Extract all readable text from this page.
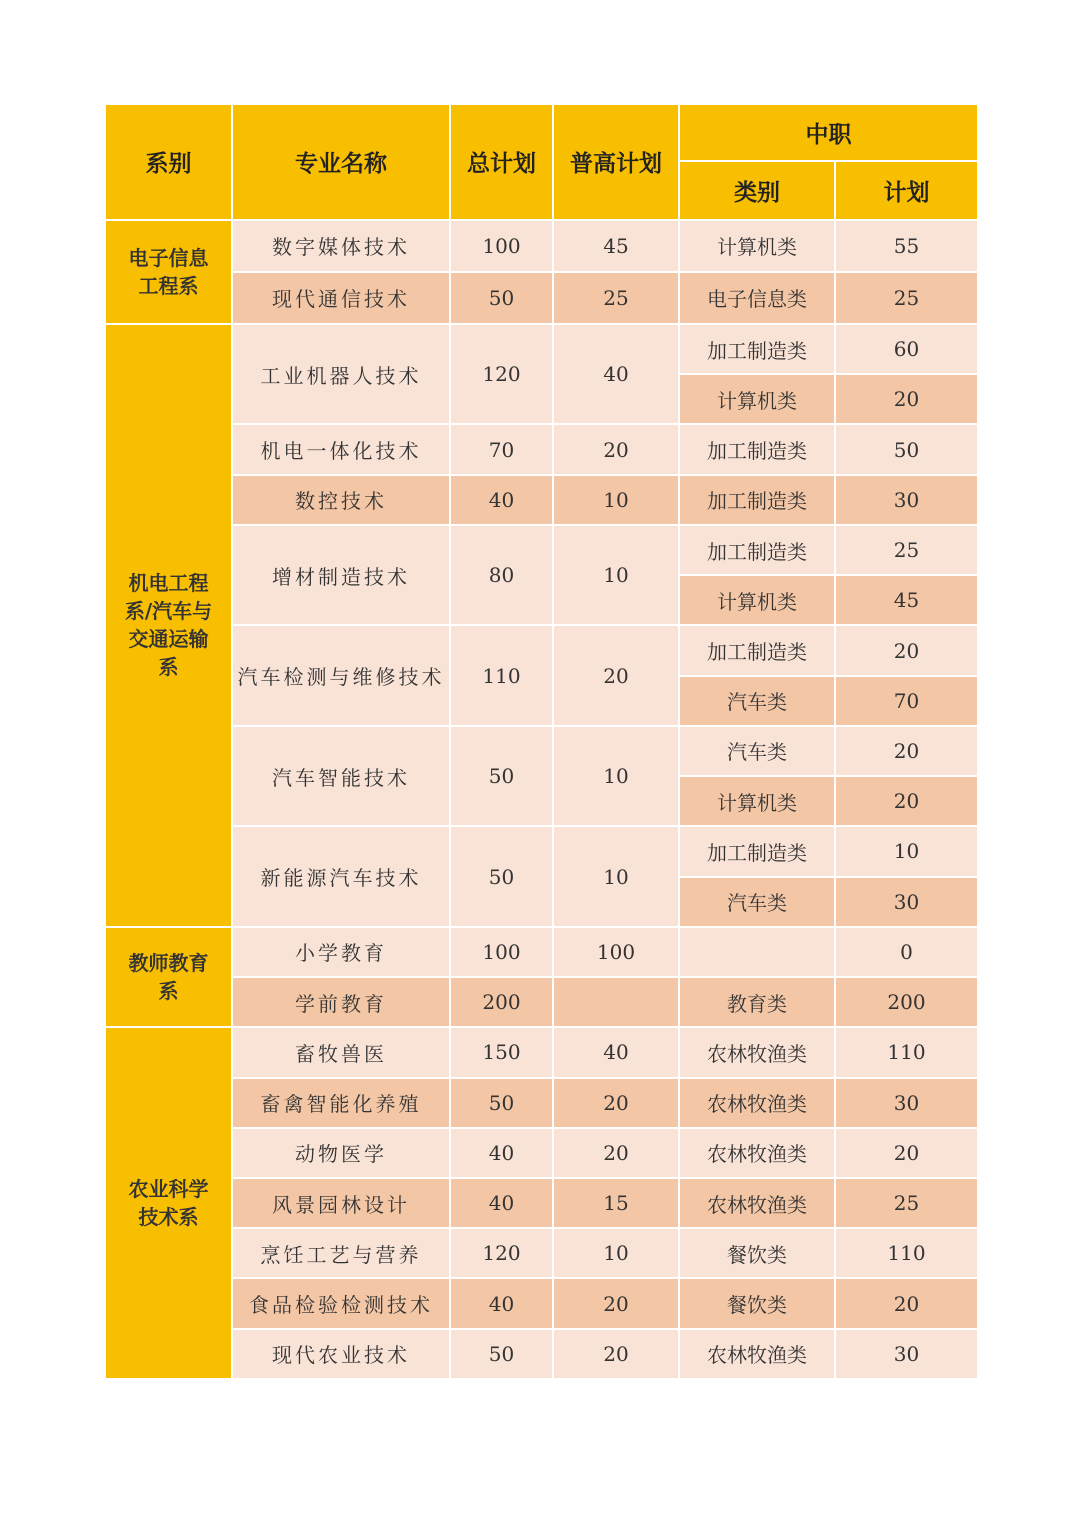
系别	专业名称	总计划	普高计划	中职	
				类别	计划
电子信息工程系	数字媒体技术	100	45	计算机类	55
	现代通信技术	50	25	电子信息类	25
机电工程系/汽车与交通运输系	工业机器人技术	120	40	加工制造类	60
				计算机类	20
	机电一体化技术	70	20	加工制造类	50
	数控技术	40	10	加工制造类	30
	增材制造技术	80	10	加工制造类	25
				计算机类	45
	汽车检测与维修技术	110	20	加工制造类	20
				汽车类	70
	汽车智能技术	50	10	汽车类	20
				计算机类	20
	新能源汽车技术	50	10	加工制造类	10
				汽车类	30
教师教育系	小学教育	100	100		0
	学前教育	200		教育类	200
农业科学技术系	畜牧兽医	150	40	农林牧渔类	110
	畜禽智能化养殖	50	20	农林牧渔类	30
	动物医学	40	20	农林牧渔类	20
	风景园林设计	40	15	农林牧渔类	25
	烹饪工艺与营养	120	10	餐饮类	110
	食品检验检测技术	40	20	餐饮类	20
	现代农业技术	50	20	农林牧渔类	30
